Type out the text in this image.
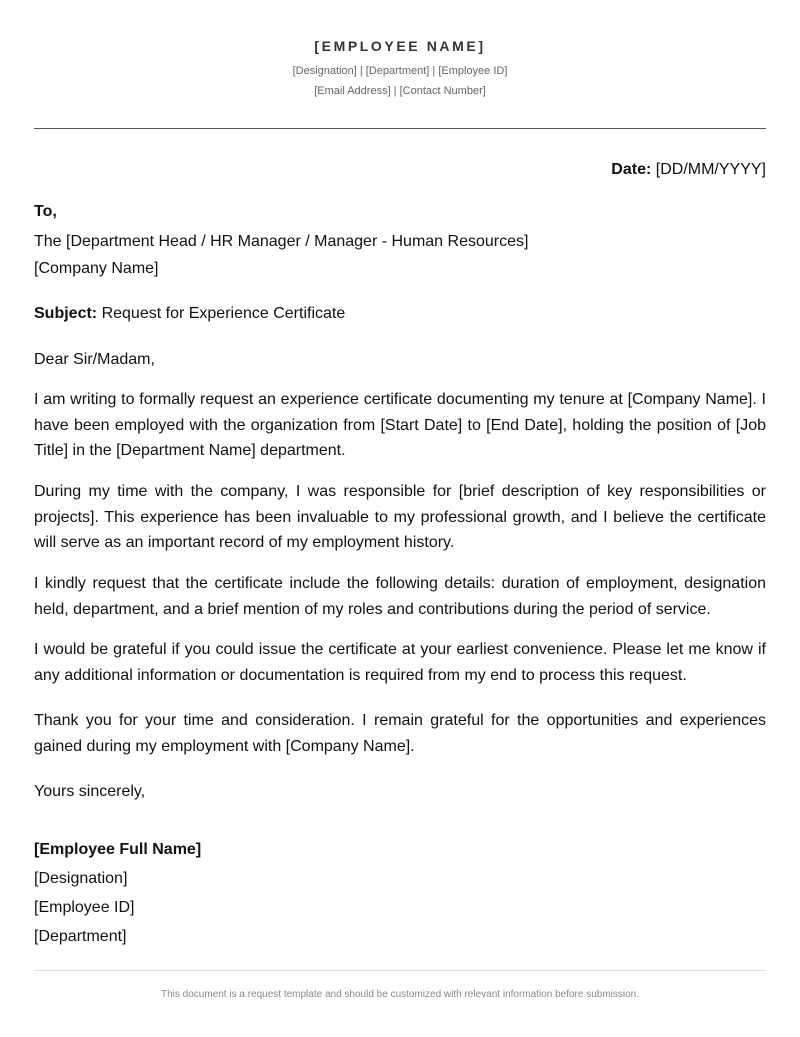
[EMPLOYEE NAME]
[Designation] | [Department] | [Employee ID]
[Email Address] | [Contact Number]
Date: [DD/MM/YYYY]
To,
The [Department Head / HR Manager / Manager - Human Resources]
[Company Name]
Subject: Request for Experience Certificate
Dear Sir/Madam,
I am writing to formally request an experience certificate documenting my tenure at [Company Name]. I have been employed with the organization from [Start Date] to [End Date], holding the position of [Job Title] in the [Department Name] department.
During my time with the company, I was responsible for [brief description of key responsibilities or projects]. This experience has been invaluable to my professional growth, and I believe the certificate will serve as an important record of my employment history.
I kindly request that the certificate include the following details: duration of employment, designation held, department, and a brief mention of my roles and contributions during the period of service.
I would be grateful if you could issue the certificate at your earliest convenience. Please let me know if any additional information or documentation is required from my end to process this request.
Thank you for your time and consideration. I remain grateful for the opportunities and experiences gained during my employment with [Company Name].
Yours sincerely,
[Employee Full Name]
[Designation]
[Employee ID]
[Department]
This document is a request template and should be customized with relevant information before submission.
